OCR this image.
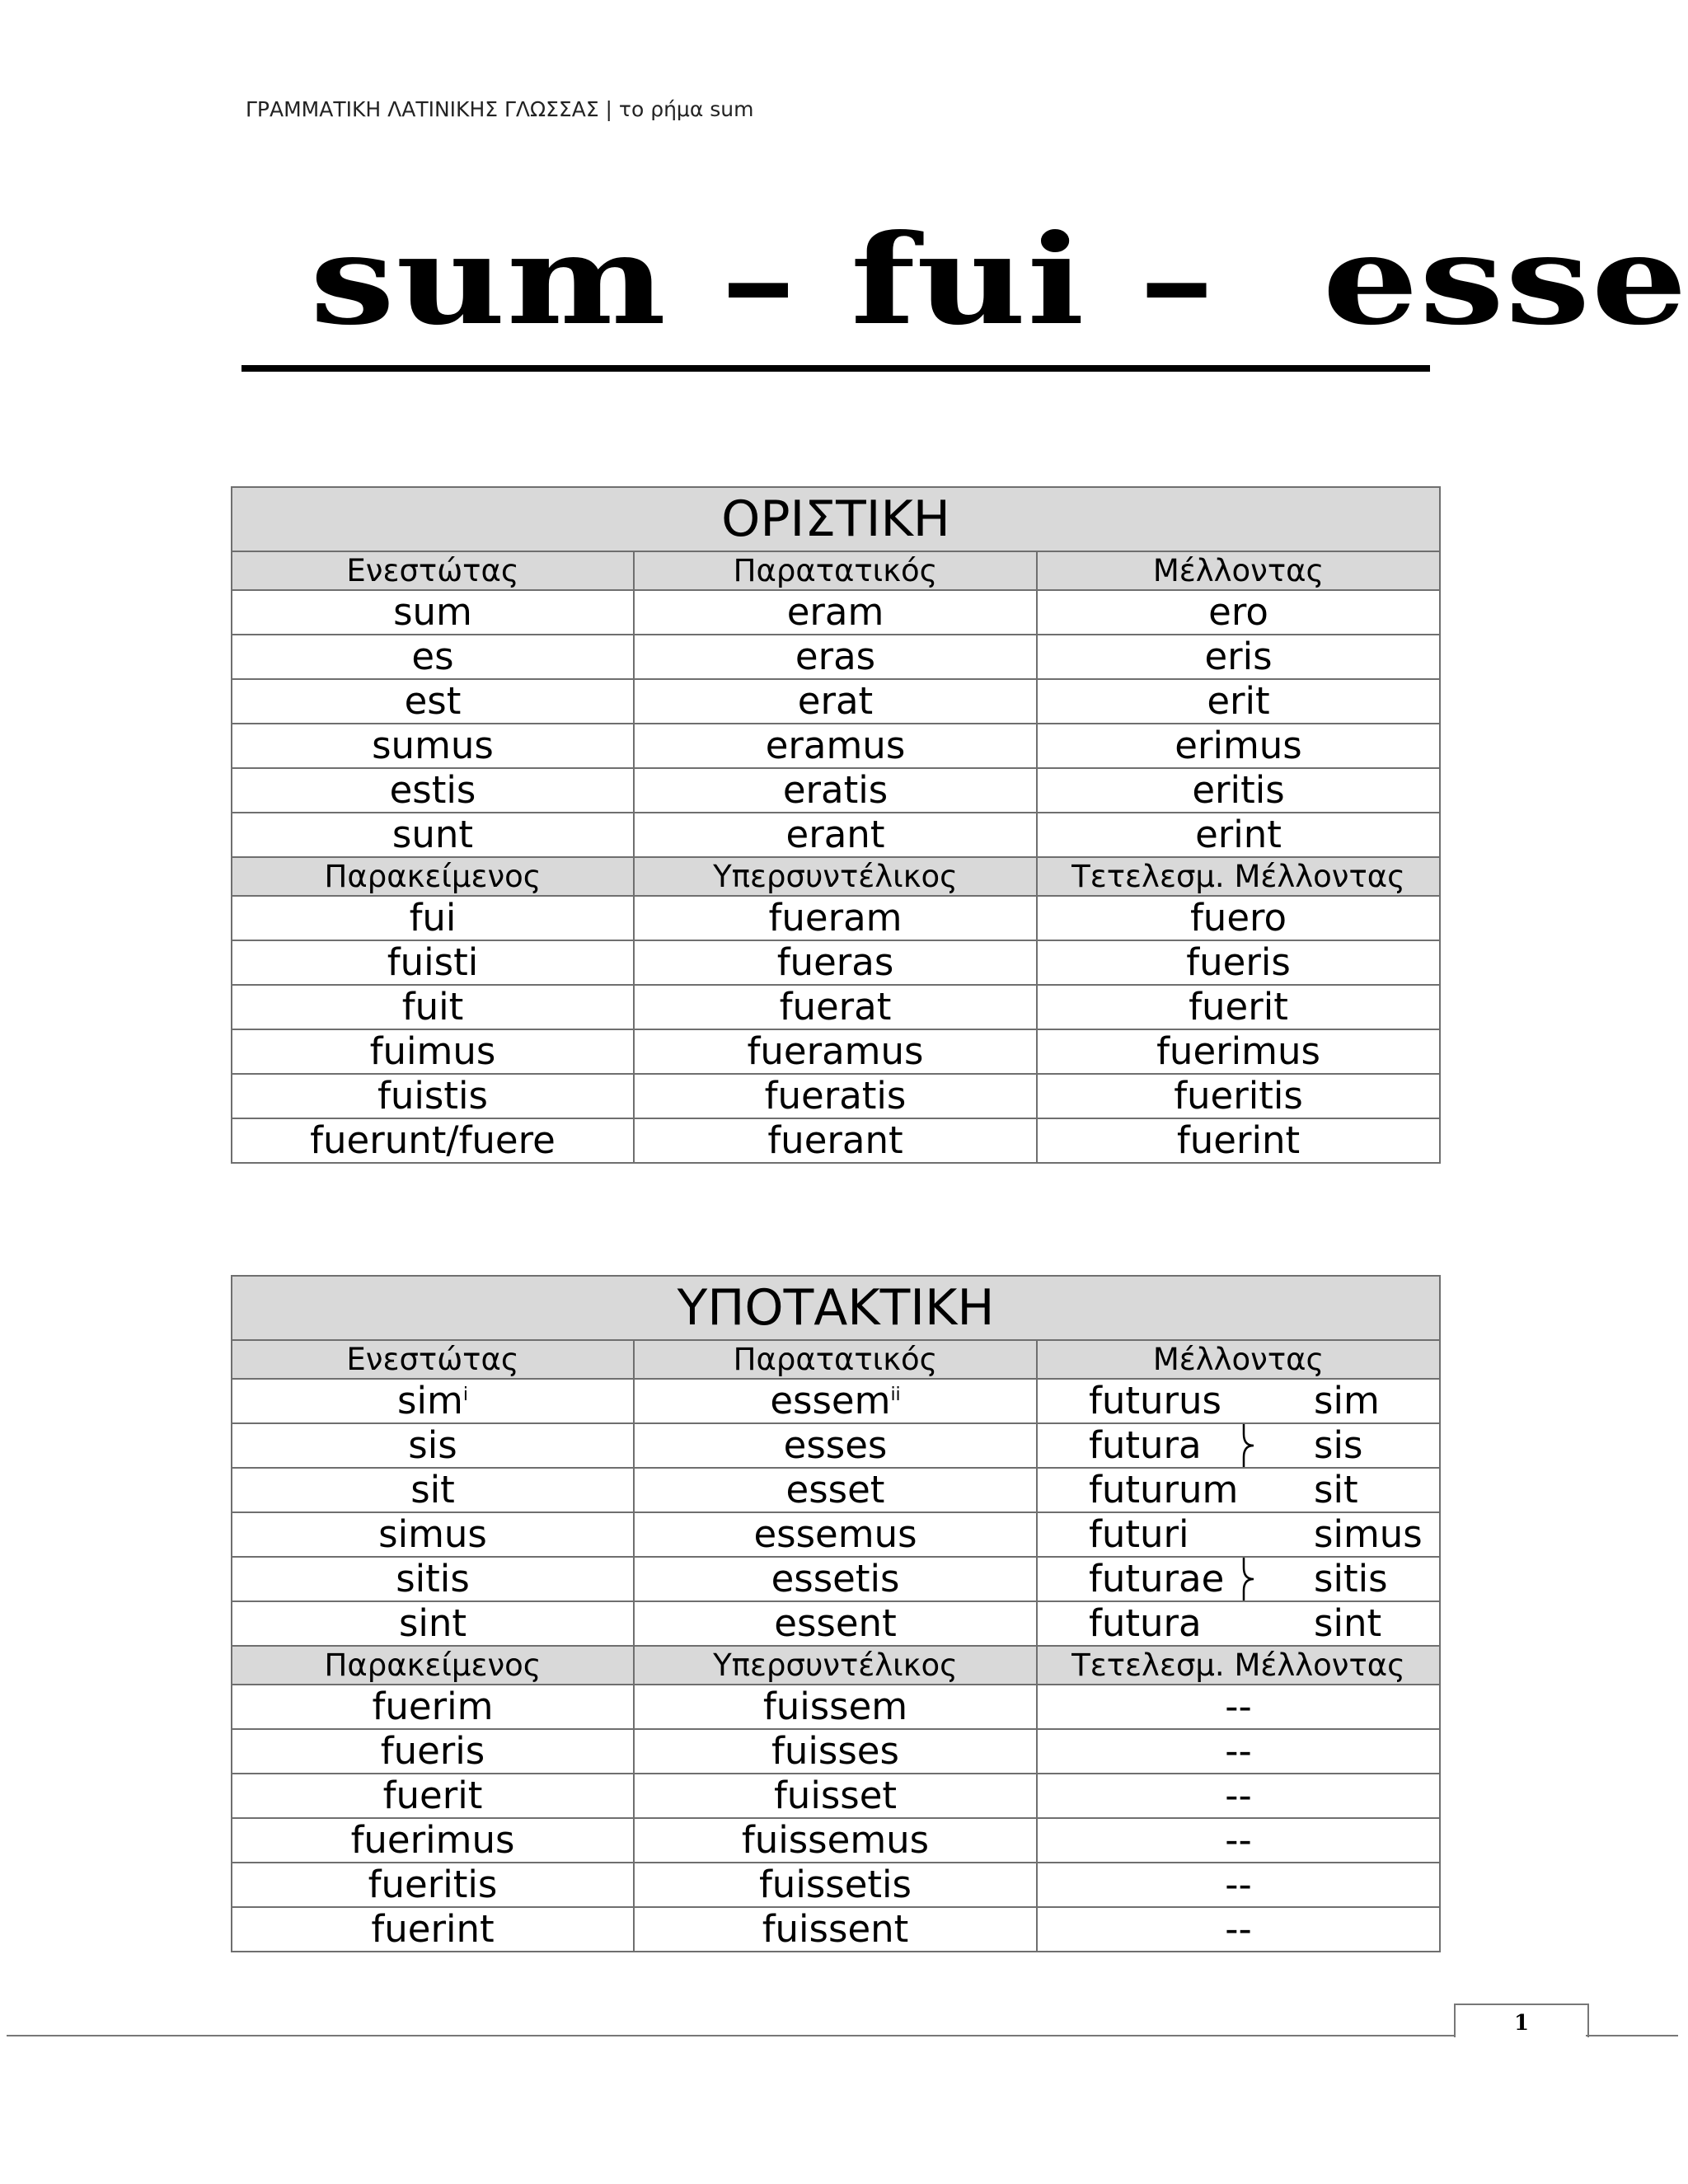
ΓΡΑΜΜΑΤΙΚΗ ΛΑΤΙΝΙΚΗΣ ΓΛΩΣΣΑΣ | το ρήμα sum
sum – fui –  esse
ΟΡΙΣΤΙΚΗ		
Ενεστώτας	Παρατατικός	Μέλλοντας
sum	eram	ero
es	eras	eris
est	erat	erit
sumus	eramus	erimus
estis	eratis	eritis
sunt	erant	erint
Παρακείμενος	Υπερσυντέλικος	Τετελεσμ. Μέλλοντας
fui	fueram	fuero
fuisti	fueras	fueris
fuit	fuerat	fuerit
fuimus	fueramus	fuerimus
fuistis	fueratis	fueritis
fuerunt/fuere	fuerant	fuerint
ΥΠΟΤΑΚΤΙΚΗ		
Ενεστώτας	Παρατατικός	Μέλλοντας
sim$^i$	essem$^{ii}$	futurus sim

sis	esses	futura sis

sit	esset	futurum sit

simus	essemus	futuri simus

sitis	essetis	futurae sitis

sint	essent	futura sint

Παρακείμενος	Υπερσυντέλικος	Τετελεσμ. Μέλλοντας
fuerim	fuissem	--
fueris	fuisses	--
fuerit	fuisset	--
fuerimus	fuissemus	--
fueritis	fuissetis	--
fuerint	fuissent	--
1
